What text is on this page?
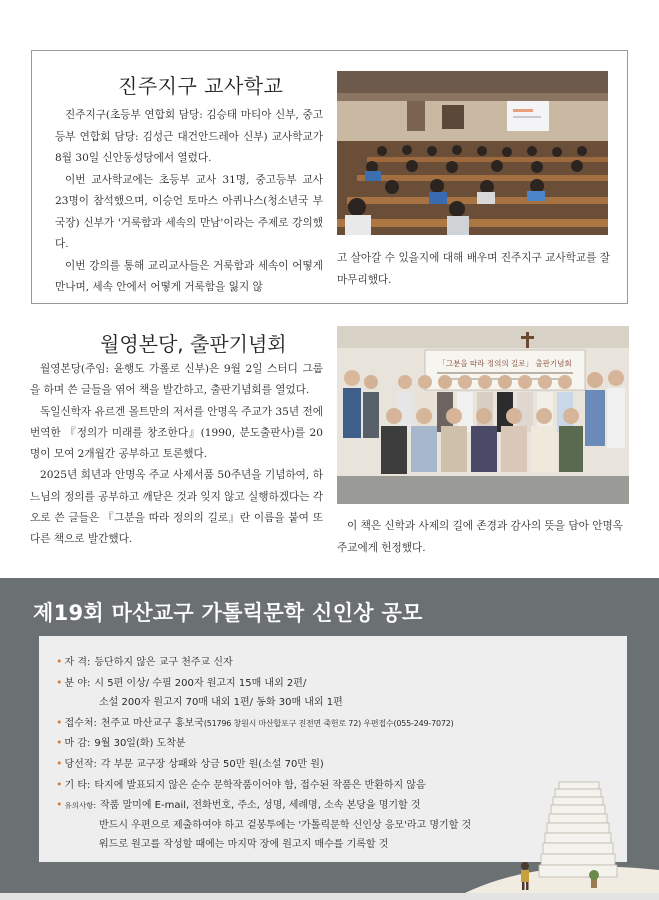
진주지구 교사학교

진주지구(초등부 연합회 담당: 김승태 마티아 신부, 중고등부 연합회 담당: 김성근 대건안드레아 신부) 교사학교가 8월 30일 신안동성당에서 열렸다.

이번 교사학교에는 초등부 교사 31명, 중고등부 교사 23명이 참석했으며, 이승언 토마스 아퀴나스(청소년국 부국장) 신부가 '거룩함과 세속의 만남'이라는 주제로 강의했다.

이번 강의를 통해 교리교사들은 거룩함과 세속이 어떻게 만나며, 세속 안에서 어떻게 거룩함을 잃지 않

고 살아갈 수 있을지에 대해 배우며 진주지구 교사학교를 잘 마무리했다.

월영본당, 출판기념회

월영본당(주임: 윤행도 가롤로 신부)은 9월 2일 스터디 그룹을 하며 쓴 글들을 엮어 책을 발간하고, 출판기념회를 열었다.

독일신학자 유르겐 몰트만의 저서를 안명옥 주교가 35년 전에 번역한 『정의가 미래를 창조한다』(1990, 분도출판사)를 20명이 모여 2개월간 공부하고 토론했다.

2025년 희년과 안명옥 주교 사제서품 50주년을 기념하여, 하느님의 정의를 공부하고 깨닫은 것과 잊지 않고 실행하겠다는 각오로 쓴 글들은 『그분을 따라 정의의 길로』란 이름을 붙여 또 다른 책으로 발간했다.

「그분을 따라 정의의 길로」 출판기념회

이 책은 신학과 사제의 길에 존경과 감사의 뜻을 담아 안명옥 주교에게 헌정했다.

제19회 마산교구 가톨릭문학 신인상 공모
• 자 격: 등단하지 않은 교구 천주교 신자
• 분 야: 시 5편 이상/ 수필 200자 원고지 15매 내외 2편/
소설 200자 원고지 70매 내외 1편/ 동화 30매 내외 1편
• 접수처: 천주교 마산교구 홍보국(51796 창원시 마산합포구 진전면 죽헌로 72) 우편접수(055-249-7072)
• 마 감: 9월 30일(화) 도착분
• 당선작: 각 부문 교구장 상패와 상금 50만 원(소설 70만 원)
• 기 타: 타지에 발표되지 않은 순수 문학작품이어야 함, 접수된 작품은 반환하지 않음
• 유의사항: 작품 말미에 E-mail, 전화번호, 주소, 성명, 세례명, 소속 본당을 명기할 것
반드시 우편으로 제출하여야 하고 겉봉투에는 '가톨릭문학 신인상 응모'라고 명기할 것
워드로 원고를 작성할 때에는 마지막 장에 원고지 매수를 기록할 것
